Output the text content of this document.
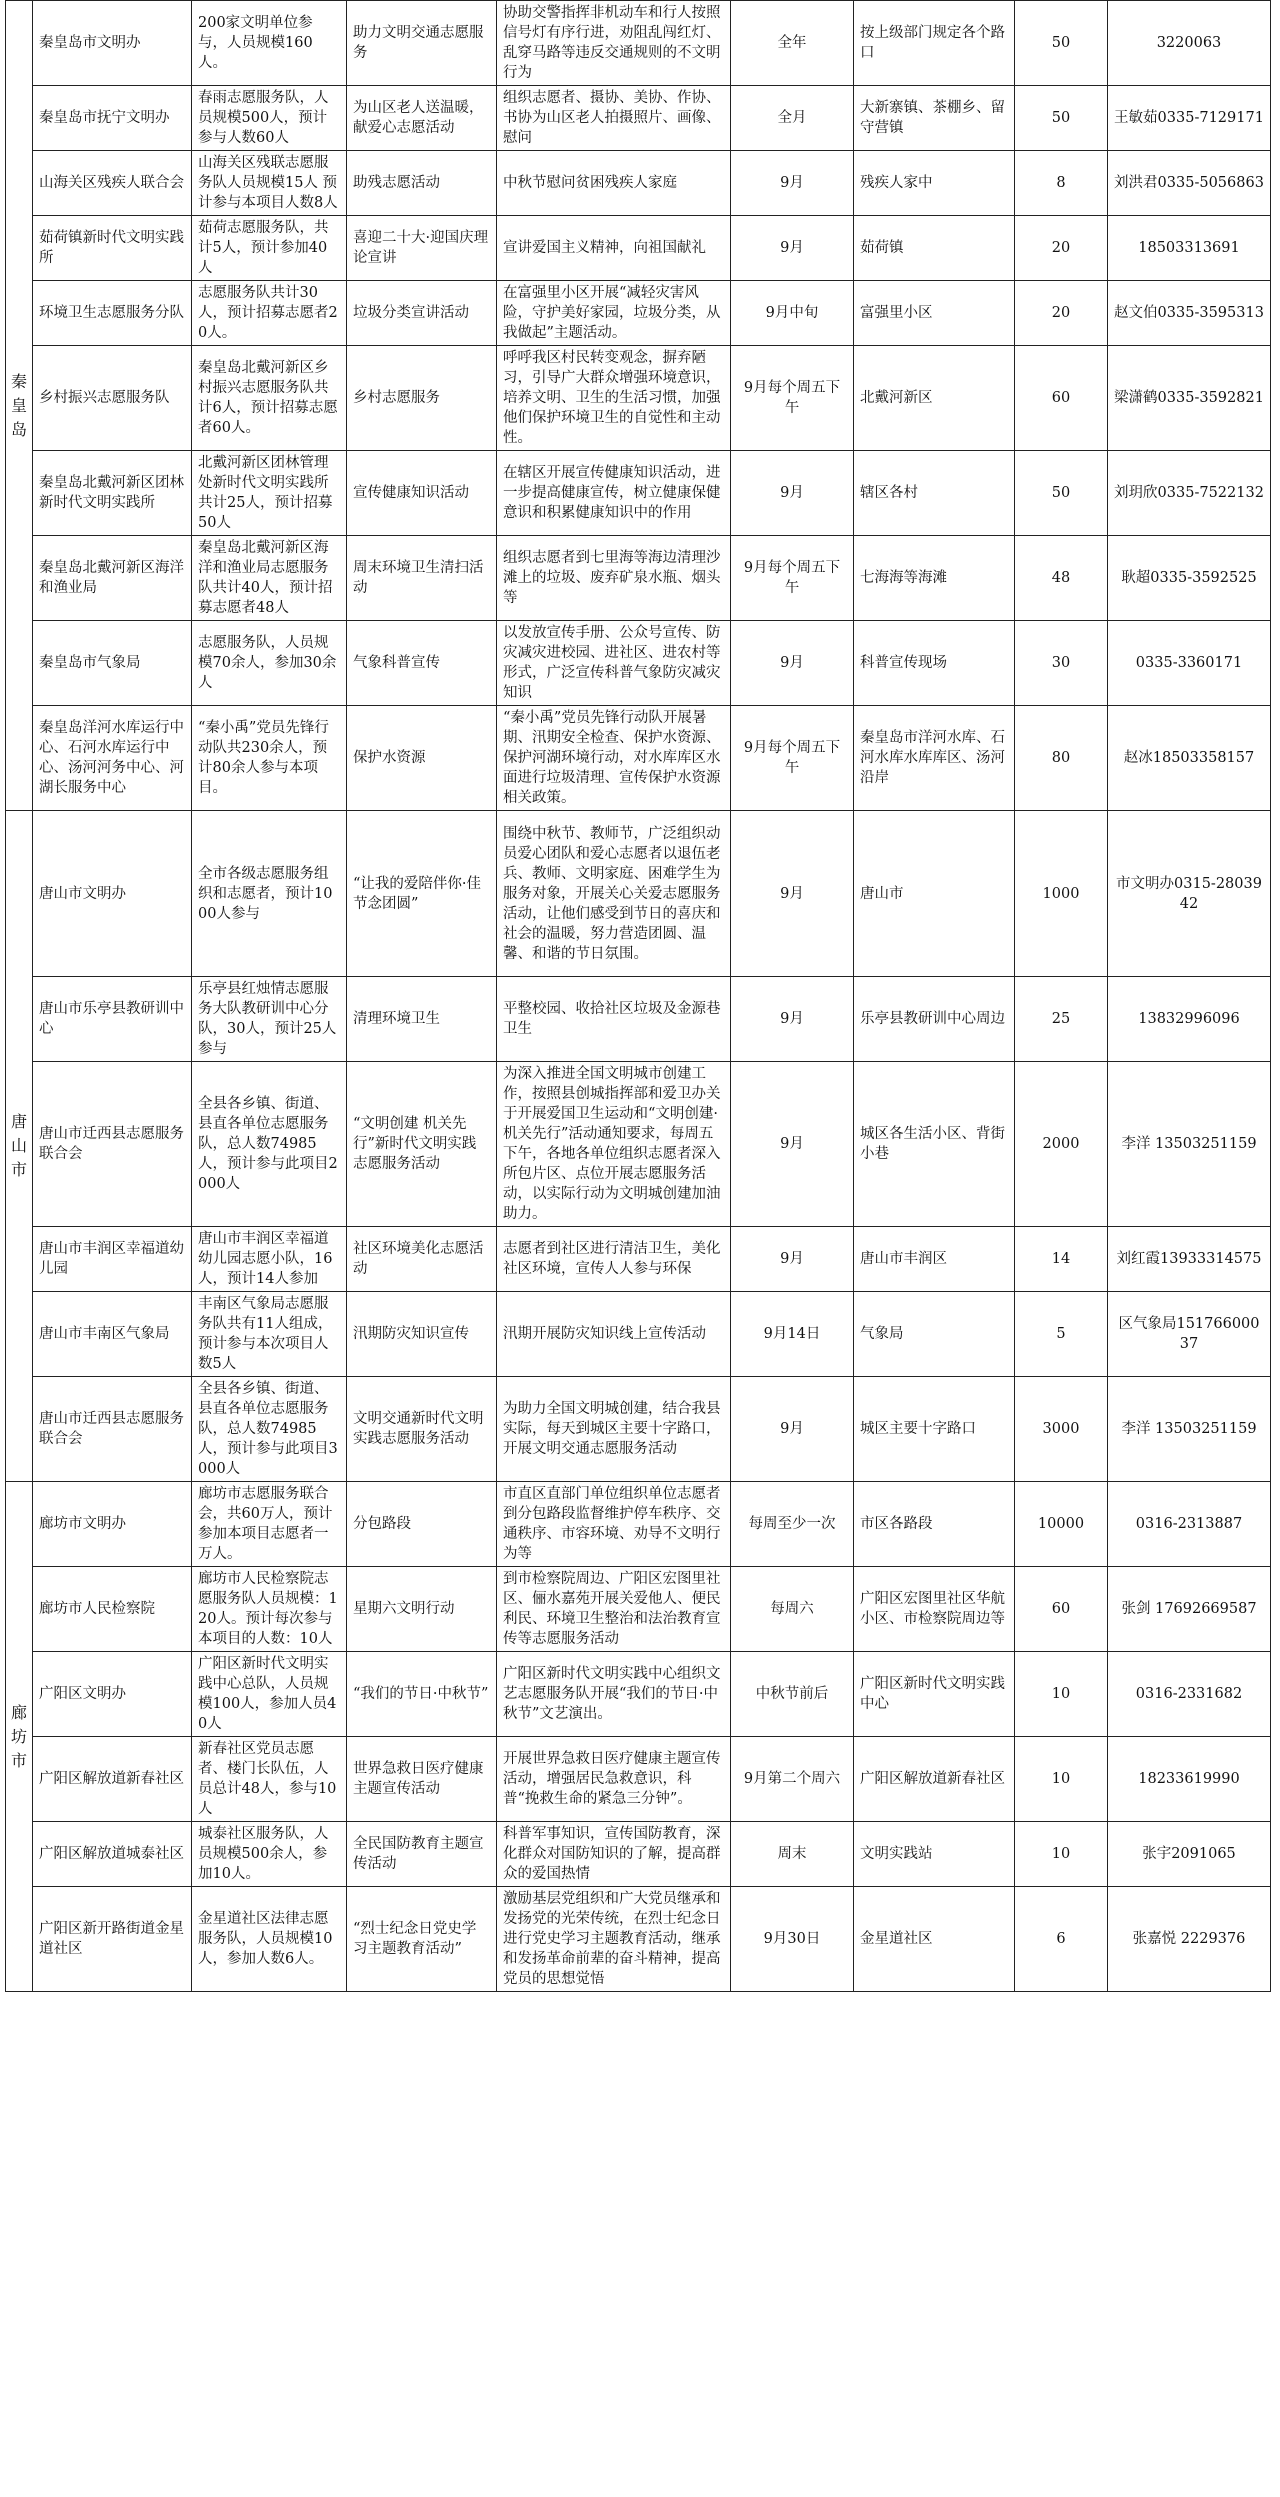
秦皇岛	秦皇岛市文明办	200家文明单位参与，人员规模160人。	助力文明交通志愿服务	协助交警指挥非机动车和行人按照信号灯有序行进，劝阻乱闯红灯、乱穿马路等违反交通规则的不文明行为	全年	按上级部门规定各个路口	50	3220063
	秦皇岛市抚宁文明办	春雨志愿服务队，人员规模500人，预计参与人数60人	为山区老人送温暖，献爱心志愿活动	组织志愿者、摄协、美协、作协、书协为山区老人拍摄照片、画像、慰问	全月	大新寨镇、茶棚乡、留守营镇	50	王敏茹0335-7129171
	山海关区残疾人联合会	山海关区残联志愿服务队人员规模15人 预计参与本项目人数8人	助残志愿活动	中秋节慰问贫困残疾人家庭	9月	残疾人家中	8	刘洪君0335-5056863
	茹荷镇新时代文明实践所	茹荷志愿服务队，共计5人，预计参加40人	喜迎二十大·迎国庆理论宣讲	宣讲爱国主义精神，向祖国献礼	9月	茹荷镇	20	18503313691
	环境卫生志愿服务分队	志愿服务队共计30人，预计招募志愿者20人。	垃圾分类宣讲活动	在富强里小区开展“减轻灾害风险，守护美好家园，垃圾分类，从我做起”主题活动。	9月中旬	富强里小区	20	赵文伯0335-3595313
	乡村振兴志愿服务队	秦皇岛北戴河新区乡村振兴志愿服务队共计6人，预计招募志愿者60人。	乡村志愿服务	呼呼我区村民转变观念，摒弃陋习，引导广大群众增强环境意识，培养文明、卫生的生活习惯，加强他们保护环境卫生的自觉性和主动性。	9月每个周五下午	北戴河新区	60	梁潇鹤0335-3592821
	秦皇岛北戴河新区团林新时代文明实践所	北戴河新区团林管理处新时代文明实践所共计25人，预计招募50人	宣传健康知识活动	在辖区开展宣传健康知识活动，进一步提高健康宣传，树立健康保健意识和积累健康知识中的作用	9月	辖区各村	50	刘玥欣0335-7522132
	秦皇岛北戴河新区海洋和渔业局	秦皇岛北戴河新区海洋和渔业局志愿服务队共计40人，预计招募志愿者48人	周末环境卫生清扫活动	组织志愿者到七里海等海边清理沙滩上的垃圾、废弃矿泉水瓶、烟头等	9月每个周五下午	七海海等海滩	48	耿超0335-3592525
	秦皇岛市气象局	志愿服务队，人员规模70余人，参加30余人	气象科普宣传	以发放宣传手册、公众号宣传、防灾减灾进校园、进社区、进农村等形式，广泛宣传科普气象防灾减灾知识	9月	科普宣传现场	30	0335-3360171
	秦皇岛洋河水库运行中心、石河水库运行中心、汤河河务中心、河湖长服务中心	“秦小禹”党员先锋行动队共230余人，预计80余人参与本项目。	保护水资源	“秦小禹”党员先锋行动队开展暑期、汛期安全检查、保护水资源、保护河湖环境行动，对水库库区水面进行垃圾清理、宣传保护水资源相关政策。	9月每个周五下午	秦皇岛市洋河水库、石河水库水库库区、汤河沿岸	80	赵冰18503358157

唐山市	唐山市文明办	全市各级志愿服务组织和志愿者，预计1000人参与	“让我的爱陪伴你·佳节念团圆”	围绕中秋节、教师节，广泛组织动员爱心团队和爱心志愿者以退伍老兵、教师、文明家庭、困难学生为服务对象，开展关心关爱志愿服务活动，让他们感受到节日的喜庆和社会的温暖，努力营造团圆、温馨、和谐的节日氛围。	9月	唐山市	1000	市文明办0315-2803942
	唐山市乐亭县教研训中心	乐亭县红烛情志愿服务大队教研训中心分队，30人，预计25人参与	清理环境卫生	平整校园、收拾社区垃圾及金源巷卫生	9月	乐亭县教研训中心周边	25	13832996096
	唐山市迁西县志愿服务联合会	全县各乡镇、街道、县直各单位志愿服务队，总人数74985人，预计参与此项目2000人	“文明创建 机关先行”新时代文明实践志愿服务活动	为深入推进全国文明城市创建工作，按照县创城指挥部和爱卫办关于开展爱国卫生运动和“文明创建·机关先行”活动通知要求，每周五下午，各地各单位组织志愿者深入所包片区、点位开展志愿服务活动，以实际行动为文明城创建加油助力。	9月	城区各生活小区、背街小巷	2000	李洋 13503251159
	唐山市丰润区幸福道幼儿园	唐山市丰润区幸福道幼儿园志愿小队，16人，预计14人参加	社区环境美化志愿活动	志愿者到社区进行清洁卫生，美化社区环境，宣传人人参与环保	9月	唐山市丰润区	14	刘红霞13933314575
	唐山市丰南区气象局	丰南区气象局志愿服务队共有11人组成，预计参与本次项目人数5人	汛期防灾知识宣传	汛期开展防灾知识线上宣传活动	9月14日	气象局	5	区气象局15176600037
	唐山市迁西县志愿服务联合会	全县各乡镇、街道、县直各单位志愿服务队，总人数74985人，预计参与此项目3000人	文明交通新时代文明实践志愿服务活动	为助力全国文明城创建，结合我县实际，每天到城区主要十字路口，开展文明交通志愿服务活动	9月	城区主要十字路口	3000	李洋 13503251159

廊坊市	廊坊市文明办	廊坊市志愿服务联合会，共60万人，预计参加本项目志愿者一万人。	分包路段	市直区直部门单位组织单位志愿者到分包路段监督维护停车秩序、交通秩序、市容环境、劝导不文明行为等	每周至少一次	市区各路段	10000	0316-2313887
	廊坊市人民检察院	廊坊市人民检察院志愿服务队人员规模：120人。预计每次参与本项目的人数：10人	星期六文明行动	到市检察院周边、广阳区宏图里社区、俪水嘉苑开展关爱他人、便民利民、环境卫生整治和法治教育宣传等志愿服务活动	每周六	广阳区宏图里社区华航小区、市检察院周边等	60	张剑 17692669587
	广阳区文明办	广阳区新时代文明实践中心总队，人员规模100人，参加人员40人	“我们的节日·中秋节”	广阳区新时代文明实践中心组织文艺志愿服务队开展“我们的节日·中秋节”文艺演出。	中秋节前后	广阳区新时代文明实践中心	10	0316-2331682
	广阳区解放道新春社区	新春社区党员志愿者、楼门长队伍，人员总计48人，参与10人	世界急救日医疗健康主题宣传活动	开展世界急救日医疗健康主题宣传活动，增强居民急救意识，科普“挽救生命的紧急三分钟”。	9月第二个周六	广阳区解放道新春社区	10	18233619990
	广阳区解放道城泰社区	城泰社区服务队，人员规模500余人，参加10人。	全民国防教育主题宣传活动	科普军事知识，宣传国防教育，深化群众对国防知识的了解，提高群众的爱国热情	周末	文明实践站	10	张宇2091065
	广阳区新开路街道金星道社区	金星道社区法律志愿服务队，人员规模10人，参加人数6人。	“烈士纪念日党史学习主题教育活动”	激励基层党组织和广大党员继承和发扬党的光荣传统，在烈士纪念日进行党史学习主题教育活动，继承和发扬革命前辈的奋斗精神，提高党员的思想觉悟	9月30日	金星道社区	6	张嘉悦 2229376
